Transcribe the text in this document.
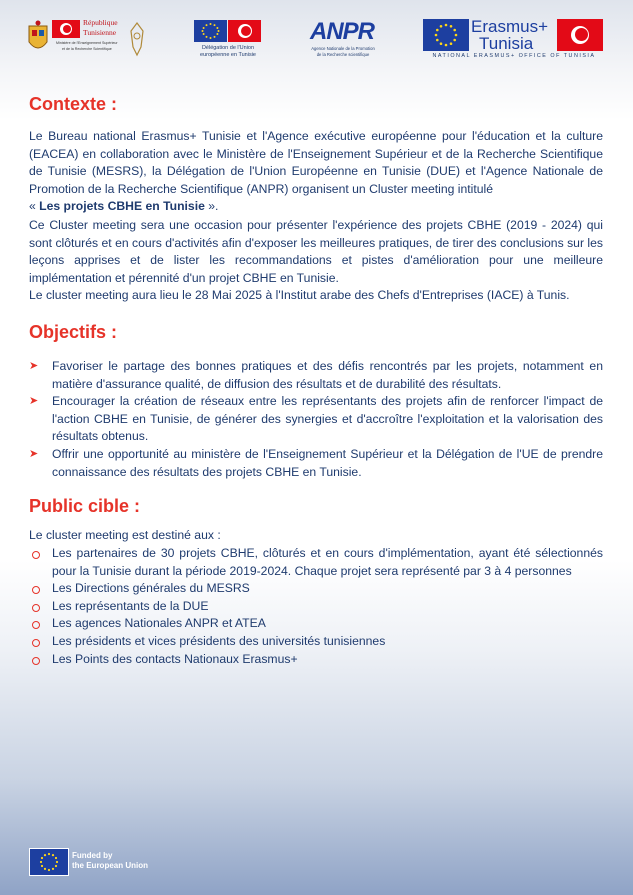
République
Tunisienne
Ministère de l'Enseignement Supérieur
et de la Recherche Scientifique	Délégation de l'Union
européenne en Tunisie
ANPR
Agence Nationale de la Promotion
de la Recherche scientifique
Erasmus+
Tunisia
NATIONAL ERASMUS+ OFFICE OF TUNISIA
Contexte :
Le Bureau national Erasmus+ Tunisie et l'Agence exécutive européenne pour l'éducation et la culture (EACEA) en collaboration avec le Ministère de l'Enseignement Supérieur et de la Recherche Scientifique de Tunisie (MESRS), la Délégation de l'Union Européenne en Tunisie (DUE) et l'Agence Nationale de Promotion de la Recherche Scientifique (ANPR) organisent un Cluster meeting intitulé
« Les projets CBHE en Tunisie ».
Ce Cluster meeting sera une occasion pour présenter l'expérience des projets CBHE (2019 - 2024) qui sont clôturés et en cours d'activités afin d'exposer les meilleures pratiques, de tirer des conclusions sur les leçons apprises et de lister les recommandations et pistes d'amélioration pour une meilleure implémentation et pérennité d'un projet CBHE en Tunisie.
Le cluster meeting aura lieu le 28 Mai 2025 à l'Institut arabe des Chefs d'Entreprises (IACE) à Tunis.
Objectifs :
➤ Favoriser le partage des bonnes pratiques et des défis rencontrés par les projets, notamment en matière d'assurance qualité, de diffusion des résultats et de durabilité des résultats.
➤ Encourager la création de réseaux entre les représentants des projets afin de renforcer l'impact de l'action CBHE en Tunisie, de générer des synergies et d'accroître l'exploitation et la valorisation des résultats obtenus.
➤ Offrir une opportunité au ministère de l'Enseignement Supérieur et la Délégation de l'UE de prendre connaissance des résultats des projets CBHE en Tunisie.
Public cible :
Le cluster meeting est destiné aux :
Les partenaires de 30 projets CBHE, clôturés et en cours d'implémentation, ayant été sélectionnés pour la Tunisie durant la période 2019-2024. Chaque projet sera représenté par 3 à 4 personnes
Les Directions générales du MESRS
Les représentants de la DUE
Les agences Nationales ANPR et ATEA
Les présidents et vices présidents des universités tunisiennes
Les Points des contacts Nationaux Erasmus+
Funded by
the European Union
